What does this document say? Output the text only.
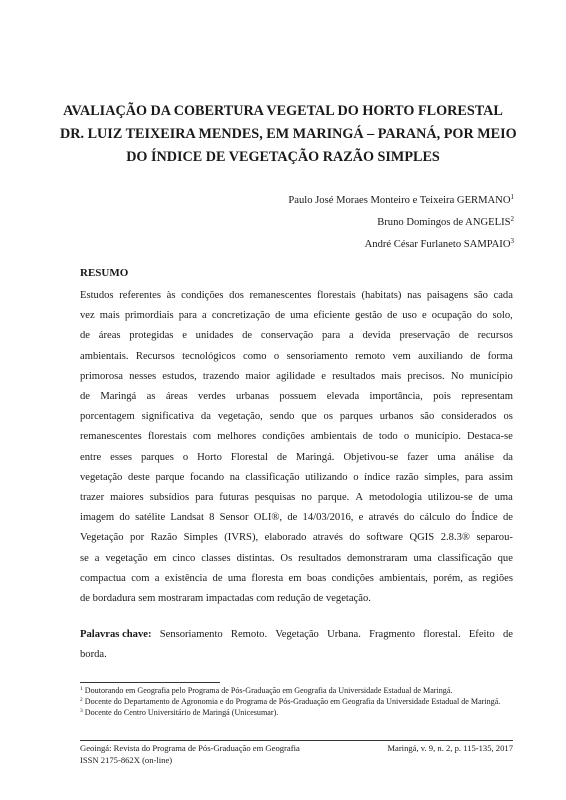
AVALIAÇÃO DA COBERTURA VEGETAL DO HORTO FLORESTAL
DR. LUIZ TEIXEIRA MENDES, EM MARINGÁ – PARANÁ, POR MEIO
DO ÍNDICE DE VEGETAÇÃO RAZÃO SIMPLES
Paulo José Moraes Monteiro e Teixeira GERMANO$^1$
Bruno Domingos de ANGELIS$^2$
André César Furlaneto SAMPAIO$^3$
RESUMO
Estudos referentes às condições dos remanescentes florestais (habitats) nas paisagens são cada
vez mais primordiais para a concretização de uma eficiente gestão de uso e ocupação do solo,
de áreas protegidas e unidades de conservação para a devida preservação de recursos
ambientais. Recursos tecnológicos como o sensoriamento remoto vem auxiliando de forma
primorosa nesses estudos, trazendo maior agilidade e resultados mais precisos. No município
de Maringá as áreas verdes urbanas possuem elevada importância, pois representam
porcentagem significativa da vegetação, sendo que os parques urbanos são considerados os
remanescentes florestais com melhores condições ambientais de todo o município. Destaca-se
entre esses parques o Horto Florestal de Maringá. Objetivou-se fazer uma análise da
vegetação deste parque focando na classificação utilizando o índice razão simples, para assim
trazer maiores subsídios para futuras pesquisas no parque. A metodologia utilizou-se de uma
imagem do satélite Landsat 8 Sensor OLI®, de 14/03/2016, e através do cálculo do Índice de
Vegetação por Razão Simples (IVRS), elaborado através do software QGIS 2.8.3® separou-
se a vegetação em cinco classes distintas. Os resultados demonstraram uma classificação que
compactua com a existência de uma floresta em boas condições ambientais, porém, as regiões
de bordadura sem mostraram impactadas com redução de vegetação.
Palavras chave: Sensoriamento Remoto. Vegetação Urbana. Fragmento florestal. Efeito de
borda.
$^1$ Doutorando em Geografia pelo Programa de Pós-Graduação em Geografia da Universidade Estadual de Maringá.
$^2$ Docente do Departamento de Agronomia e do Programa de Pós-Graduação em Geografia da Universidade Estadual de Maringá.
$^3$ Docente do Centro Universitário de Maringá (Unicesumar).
Geoingá: Revista do Programa de Pós-Graduação em Geografia	Maringá, v. 9, n. 2, p. 115-135, 2017
ISSN 2175-862X (on-line)
